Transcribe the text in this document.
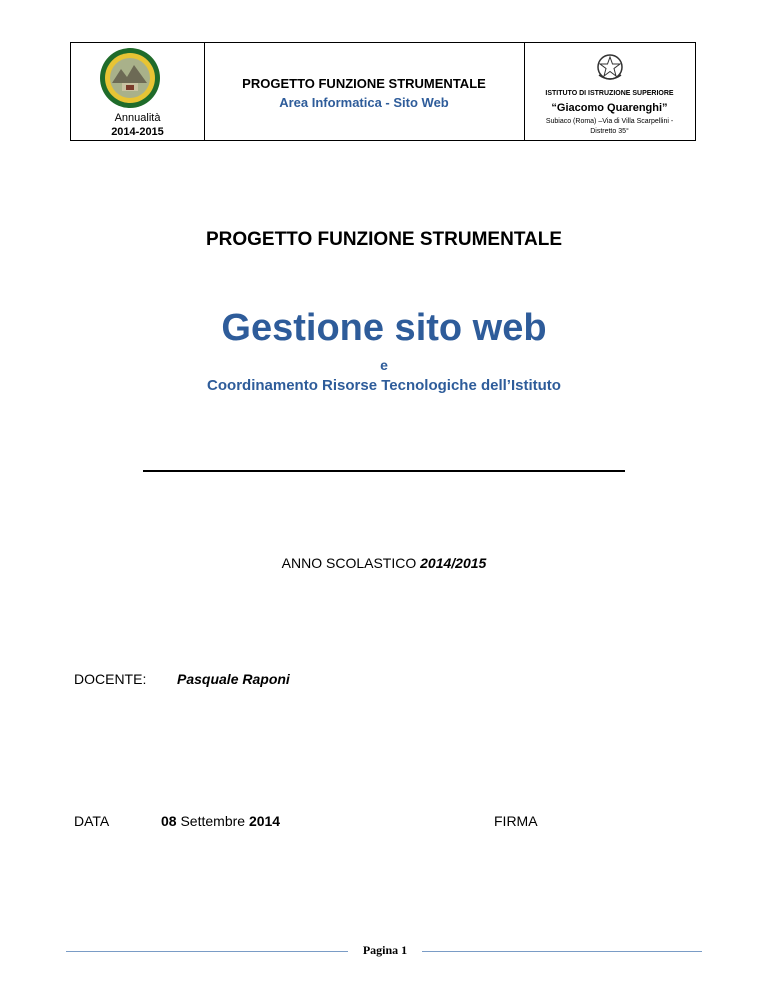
Annualità
2014-2015
PROGETTO FUNZIONE STRUMENTALE
Area Informatica - Sito Web
ISTITUTO DI ISTRUZIONE SUPERIORE
“Giacomo Quarenghi”
Subiaco (Roma) –Via di Villa Scarpellini - Distretto 35°
PROGETTO FUNZIONE STRUMENTALE
Gestione sito web
e
Coordinamento Risorse Tecnologiche dell’Istituto
ANNO SCOLASTICO 2014/2015
DOCENTE: Pasquale Raponi
DATA	08 Settembre 2014	FIRMA
Pagina 1
